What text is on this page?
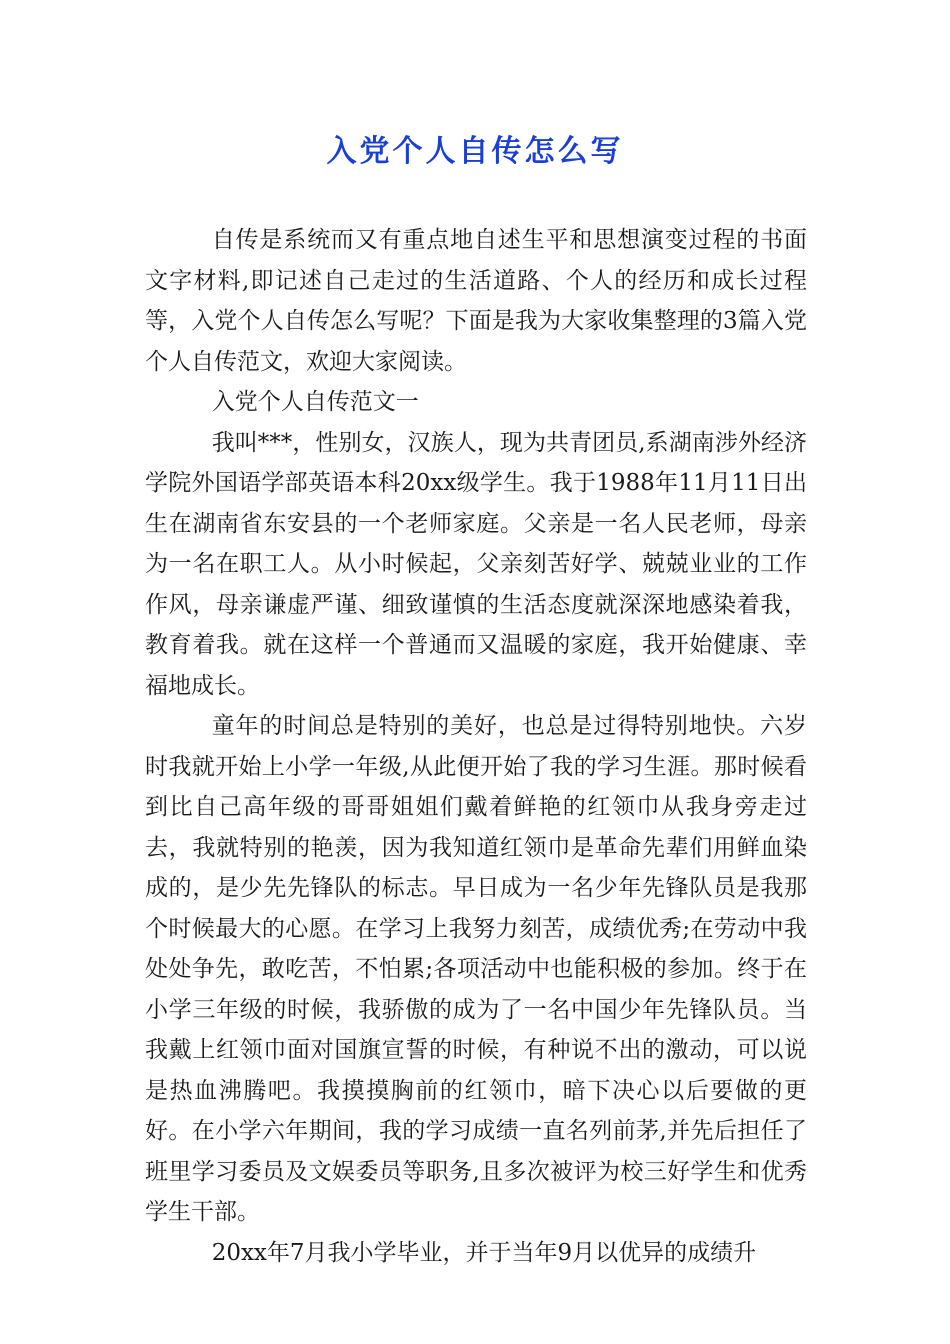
入党个人自传怎么写

自传是系统而又有重点地自述生平和思想演变过程的书面文字材料,即记述自己走过的生活道路、个人的经历和成长过程等，入党个人自传怎么写呢？下面是我为大家收集整理的3篇入党个人自传范文，欢迎大家阅读。

入党个人自传范文一

我叫***，性别女，汉族人，现为共青团员,系湖南涉外经济学院外国语学部英语本科20xx级学生。我于1988年11月11日出生在湖南省东安县的一个老师家庭。父亲是一名人民老师，母亲为一名在职工人。从小时候起，父亲刻苦好学、兢兢业业的工作作风，母亲谦虚严谨、细致谨慎的生活态度就深深地感染着我，教育着我。就在这样一个普通而又温暖的家庭，我开始健康、幸福地成长。

童年的时间总是特别的美好，也总是过得特别地快。六岁时我就开始上小学一年级,从此便开始了我的学习生涯。那时候看到比自己高年级的哥哥姐姐们戴着鲜艳的红领巾从我身旁走过去，我就特别的艳羡，因为我知道红领巾是革命先辈们用鲜血染成的，是少先先锋队的标志。早日成为一名少年先锋队员是我那个时候最大的心愿。在学习上我努力刻苦，成绩优秀;在劳动中我处处争先，敢吃苦，不怕累;各项活动中也能积极的参加。终于在小学三年级的时候，我骄傲的成为了一名中国少年先锋队员。当我戴上红领巾面对国旗宣誓的时候，有种说不出的激动，可以说是热血沸腾吧。我摸摸胸前的红领巾，暗下决心以后要做的更好。在小学六年期间，我的学习成绩一直名列前茅,并先后担任了班里学习委员及文娱委员等职务,且多次被评为校三好学生和优秀学生干部。

20xx年7月我小学毕业，并于当年9月以优异的成绩升
